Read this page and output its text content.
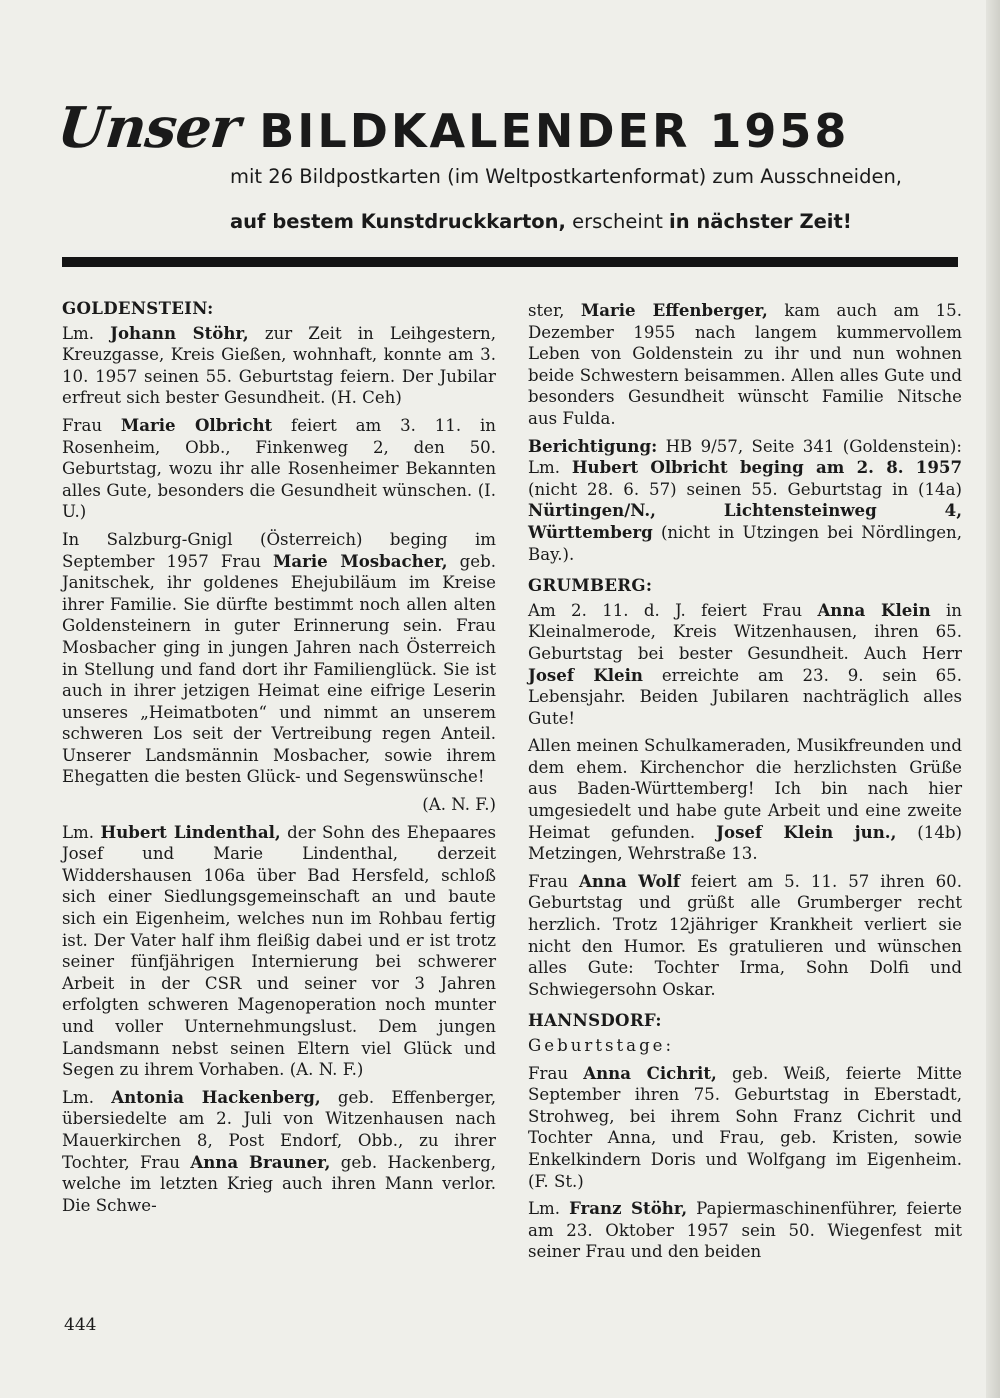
Unser BILDKALENDER 1958
mit 26 Bildpostkarten (im Weltpostkartenformat) zum Ausschneiden,
auf bestem Kunstdruckkarton, erscheint in nächster Zeit!
GOLDENSTEIN:

Lm. Johann Stöhr, zur Zeit in Leihgestern, Kreuzgasse, Kreis Gießen, wohnhaft, konnte am 3. 10. 1957 seinen 55. Geburtstag feiern. Der Jubilar erfreut sich bester Gesundheit. (H. Ceh)

Frau Marie Olbricht feiert am 3. 11. in Rosenheim, Obb., Finkenweg 2, den 50. Geburtstag, wozu ihr alle Rosenheimer Bekannten alles Gute, besonders die Gesundheit wünschen. (I. U.)

In Salzburg-Gnigl (Österreich) beging im September 1957 Frau Marie Mosbacher, geb. Janitschek, ihr goldenes Ehejubiläum im Kreise ihrer Familie. Sie dürfte bestimmt noch allen alten Goldensteinern in guter Erinnerung sein. Frau Mosbacher ging in jungen Jahren nach Österreich in Stellung und fand dort ihr Familienglück. Sie ist auch in ihrer jetzigen Heimat eine eifrige Leserin unseres „Heimatboten“ und nimmt an unserem schweren Los seit der Vertreibung regen Anteil. Unserer Landsmännin Mosbacher, sowie ihrem Ehegatten die besten Glück- und Segenswünsche!

(A. N. F.)

Lm. Hubert Lindenthal, der Sohn des Ehepaares Josef und Marie Lindenthal, derzeit Widdershausen 106a über Bad Hersfeld, schloß sich einer Siedlungsgemeinschaft an und baute sich ein Eigenheim, welches nun im Rohbau fertig ist. Der Vater half ihm fleißig dabei und er ist trotz seiner fünfjährigen Internierung bei schwerer Arbeit in der CSR und seiner vor 3 Jahren erfolgten schweren Magenoperation noch munter und voller Unternehmungslust. Dem jungen Landsmann nebst seinen Eltern viel Glück und Segen zu ihrem Vorhaben. (A. N. F.)

Lm. Antonia Hackenberg, geb. Effenberger, übersiedelte am 2. Juli von Witzenhausen nach Mauerkirchen 8, Post Endorf, Obb., zu ihrer Tochter, Frau Anna Brauner, geb. Hackenberg, welche im letzten Krieg auch ihren Mann verlor. Die Schwe-

ster, Marie Effenberger, kam auch am 15. Dezember 1955 nach langem kummervollem Leben von Goldenstein zu ihr und nun wohnen beide Schwestern beisammen. Allen alles Gute und besonders Gesundheit wünscht Familie Nitsche aus Fulda.

Berichtigung: HB 9/57, Seite 341 (Goldenstein): Lm. Hubert Olbricht beging am 2. 8. 1957 (nicht 28. 6. 57) seinen 55. Geburtstag in (14a) Nürtingen/N., Lichtensteinweg 4, Württemberg (nicht in Utzingen bei Nördlingen, Bay.).

GRUMBERG:

Am 2. 11. d. J. feiert Frau Anna Klein in Kleinalmerode, Kreis Witzenhausen, ihren 65. Geburtstag bei bester Gesundheit. Auch Herr Josef Klein erreichte am 23. 9. sein 65. Lebensjahr. Beiden Jubilaren nachträglich alles Gute!

Allen meinen Schulkameraden, Musikfreunden und dem ehem. Kirchenchor die herzlichsten Grüße aus Baden-Württemberg! Ich bin nach hier umgesiedelt und habe gute Arbeit und eine zweite Heimat gefunden. Josef Klein jun., (14b) Metzingen, Wehrstraße 13.

Frau Anna Wolf feiert am 5. 11. 57 ihren 60. Geburtstag und grüßt alle Grumberger recht herzlich. Trotz 12jähriger Krankheit verliert sie nicht den Humor. Es gratulieren und wünschen alles Gute: Tochter Irma, Sohn Dolfi und Schwiegersohn Oskar.

HANNSDORF:

Geburtstage:

Frau Anna Cichrit, geb. Weiß, feierte Mitte September ihren 75. Geburtstag in Eberstadt, Strohweg, bei ihrem Sohn Franz Cichrit und Tochter Anna, und Frau, geb. Kristen, sowie Enkelkindern Doris und Wolfgang im Eigenheim. (F. St.)

Lm. Franz Stöhr, Papiermaschinenführer, feierte am 23. Oktober 1957 sein 50. Wiegenfest mit seiner Frau und den beiden

444
